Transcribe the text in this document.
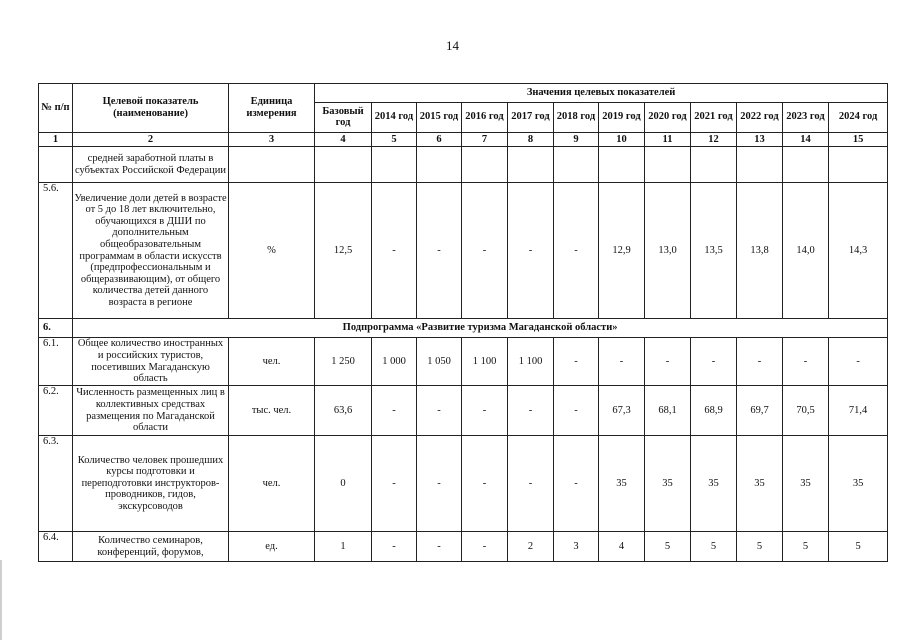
14
№ п/п	Целевой показатель (наименование)	Единица измерения	Значения целевых показателей											
			Базовый год	2014 год	2015 год	2016 год	2017 год	2018 год	2019 год	2020 год	2021 год	2022 год	2023 год	2024 год
1	2	3	4	5	6	7	8	9	10	11	12	13	14	15
	средней заработной платы в субъектах Российской Федерации													
5.6.	Увеличение доли детей в возрасте от 5 до 18 лет включительно, обучающихся в ДШИ по дополнительным общеобразовательным программам в области искусств (предпрофессиональным и общеразвивающим), от общего количества детей данного возраста в регионе	%	12,5	-	-	-	-	-	12,9	13,0	13,5	13,8	14,0	14,3
6.	Подпрограмма «Развитие туризма Магаданской области»													
6.1.	Общее количество иностранных и российских туристов, посетивших Магаданскую область	чел.	1 250	1 000	1 050	1 100	1 100	-	-	-	-	-	-	-
6.2.	Численность размещенных лиц в коллективных средствах размещения по Магаданской области	тыс. чел.	63,6	-	-	-	-	-	67,3	68,1	68,9	69,7	70,5	71,4
6.3.	Количество человек прошедших курсы подготовки и переподготовки инструкторов-проводников, гидов, экскурсоводов	чел.	0	-	-	-	-	-	35	35	35	35	35	35
6.4.	Количество семинаров, конференций, форумов,	ед.	1	-	-	-	2	3	4	5	5	5	5	5
